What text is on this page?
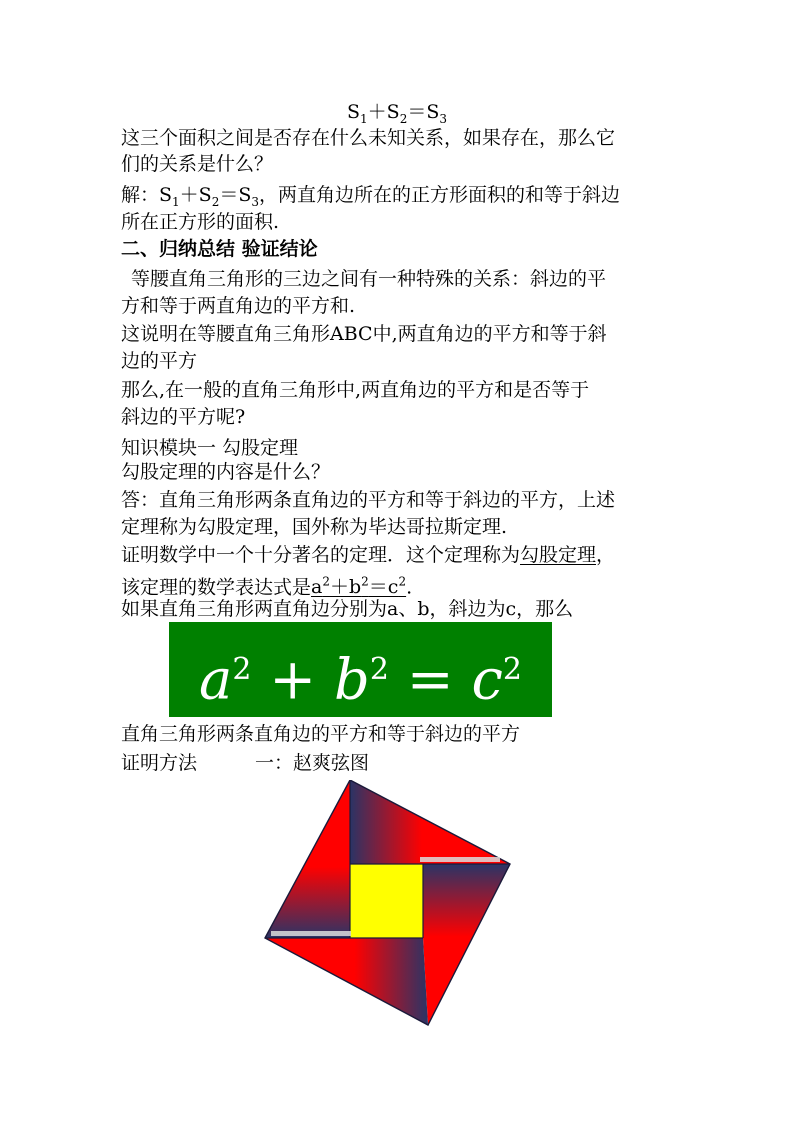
$S_1+S_2=S_3$
这三个面积之间是否存在什么未知关系，如果存在，那么它
们的关系是什么？
解：$S_1+S_2=S_3$，两直角边所在的正方形面积的和等于斜边
所在正方形的面积.
二、归纳总结 验证结论
等腰直角三角形的三边之间有一种特殊的关系：斜边的平
方和等于两直角边的平方和.
这说明在等腰直角三角形ABC中,两直角边的平方和等于斜
边的平方
那么,在一般的直角三角形中,两直角边的平方和是否等于
斜边的平方呢?
知识模块一 勾股定理
勾股定理的内容是什么？
答：直角三角形两条直角边的平方和等于斜边的平方，上述
定理称为勾股定理，国外称为毕达哥拉斯定理.
证明数学中一个十分著名的定理．这个定理称为勾股定理，
该定理的数学表达式是$a^2+b^2=c^2$.
如果直角三角形两直角边分别为a、b，斜边为c，那么
$a^2 + b^2 = c^2$
直角三角形两条直角边的平方和等于斜边的平方
证明方法	一：赵爽弦图
